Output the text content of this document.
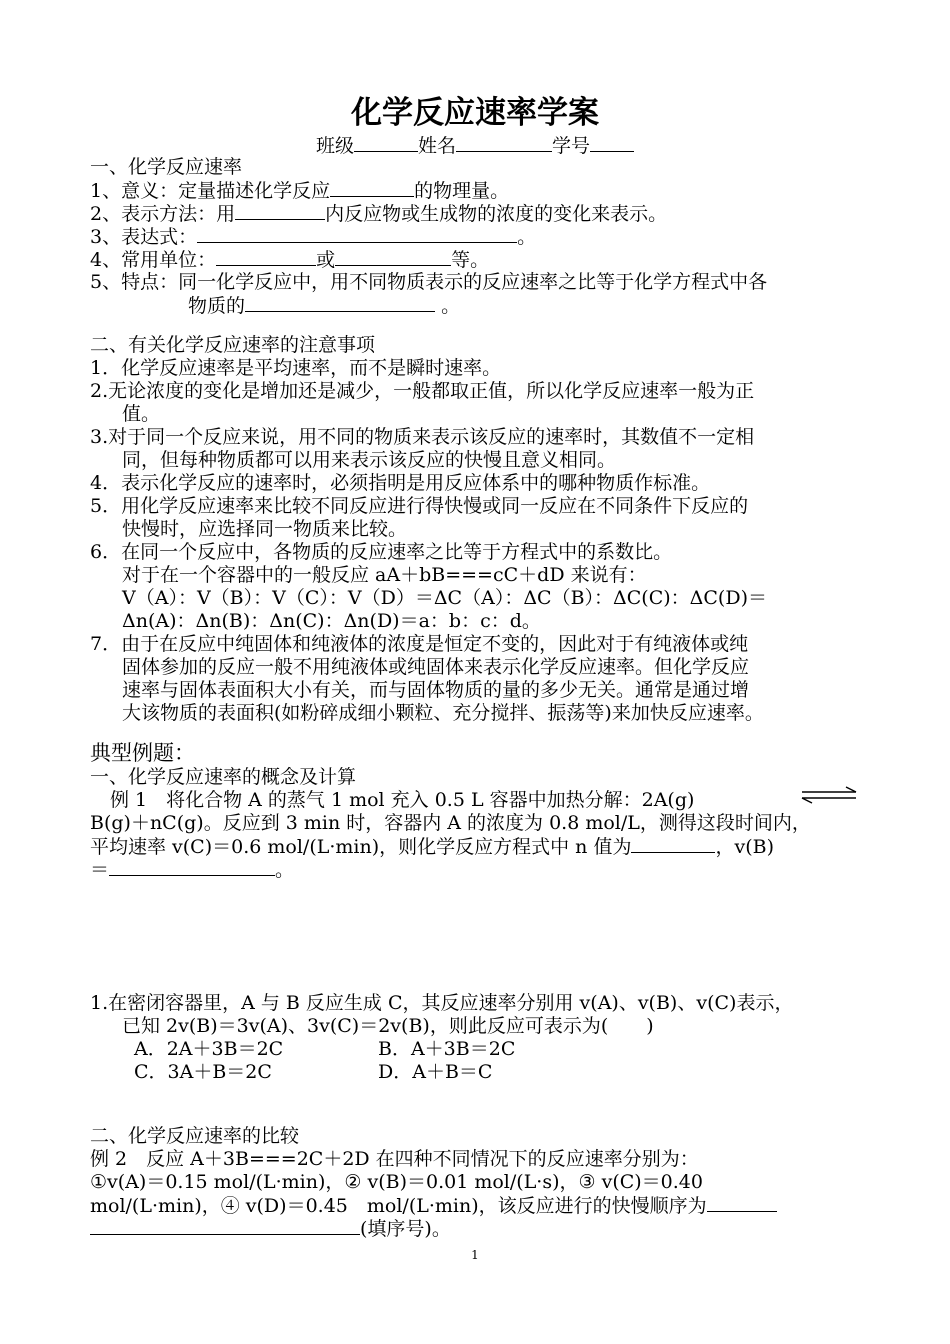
化学反应速率学案
班级	姓名	学号
一、化学反应速率
1、意义：定量描述化学反应	的物理量。
2、表示方法：用	内反应物或生成物的浓度的变化来表示。
3、表达式：	。
4、常用单位：	或	等。
5、特点：同一化学反应中，用不同物质表示的反应速率之比等于化学方程式中各
物质的	。
二、有关化学反应速率的注意事项
1．化学反应速率是平均速率，而不是瞬时速率。
2.无论浓度的变化是增加还是减少，一般都取正值，所以化学反应速率一般为正
值。
3.对于同一个反应来说，用不同的物质来表示该反应的速率时，其数值不一定相
同，但每种物质都可以用来表示该反应的快慢且意义相同。
4．表示化学反应的速率时，必须指明是用反应体系中的哪种物质作标准。
5．用化学反应速率来比较不同反应进行得快慢或同一反应在不同条件下反应的
快慢时，应选择同一物质来比较。
6．在同一个反应中，各物质的反应速率之比等于方程式中的系数比。
对于在一个容器中的一般反应 aA＋bB===cC＋dD 来说有：
V（A）：V（B）：V（C）：V（D）＝ΔC（A）：ΔC（B）：ΔC(C)：ΔC(D)＝
Δn(A)：Δn(B)：Δn(C)：Δn(D)＝a：b：c：d。
7．由于在反应中纯固体和纯液体的浓度是恒定不变的，因此对于有纯液体或纯
固体参加的反应一般不用纯液体或纯固体来表示化学反应速率。但化学反应
速率与固体表面积大小有关，而与固体物质的量的多少无关。通常是通过增
大该物质的表面积(如粉碎成细小颗粒、充分搅拌、振荡等)来加快反应速率。
典型例题：
一、化学反应速率的概念及计算
例 1　将化合物 A 的蒸气 1 mol 充入 0.5 L 容器中加热分解：2A(g)
B(g)＋nC(g)。反应到 3 min 时，容器内 A 的浓度为 0.8 mol/L，测得这段时间内，
平均速率 v(C)＝0.6 mol/(L·min)，则化学反应方程式中 n 值为	，v(B)
＝	。
1.在密闭容器里，A 与 B 反应生成 C，其反应速率分别用 v(A)、v(B)、v(C)表示，
已知 2v(B)＝3v(A)、3v(C)＝2v(B)，则此反应可表示为(　　)
A．2A＋3B＝2C	B．A＋3B＝2C
C．3A＋B＝2C	D．A＋B＝C
二、化学反应速率的比较
例 2　反应 A＋3B===2C＋2D 在四种不同情况下的反应速率分别为：
①v(A)＝0.15 mol/(L·min)，② v(B)＝0.01 mol/(L·s)，③ v(C)＝0.40
mol/(L·min)，④ v(D)＝0.45　mol/(L·min)，该反应进行的快慢顺序为
(填序号)。
1
